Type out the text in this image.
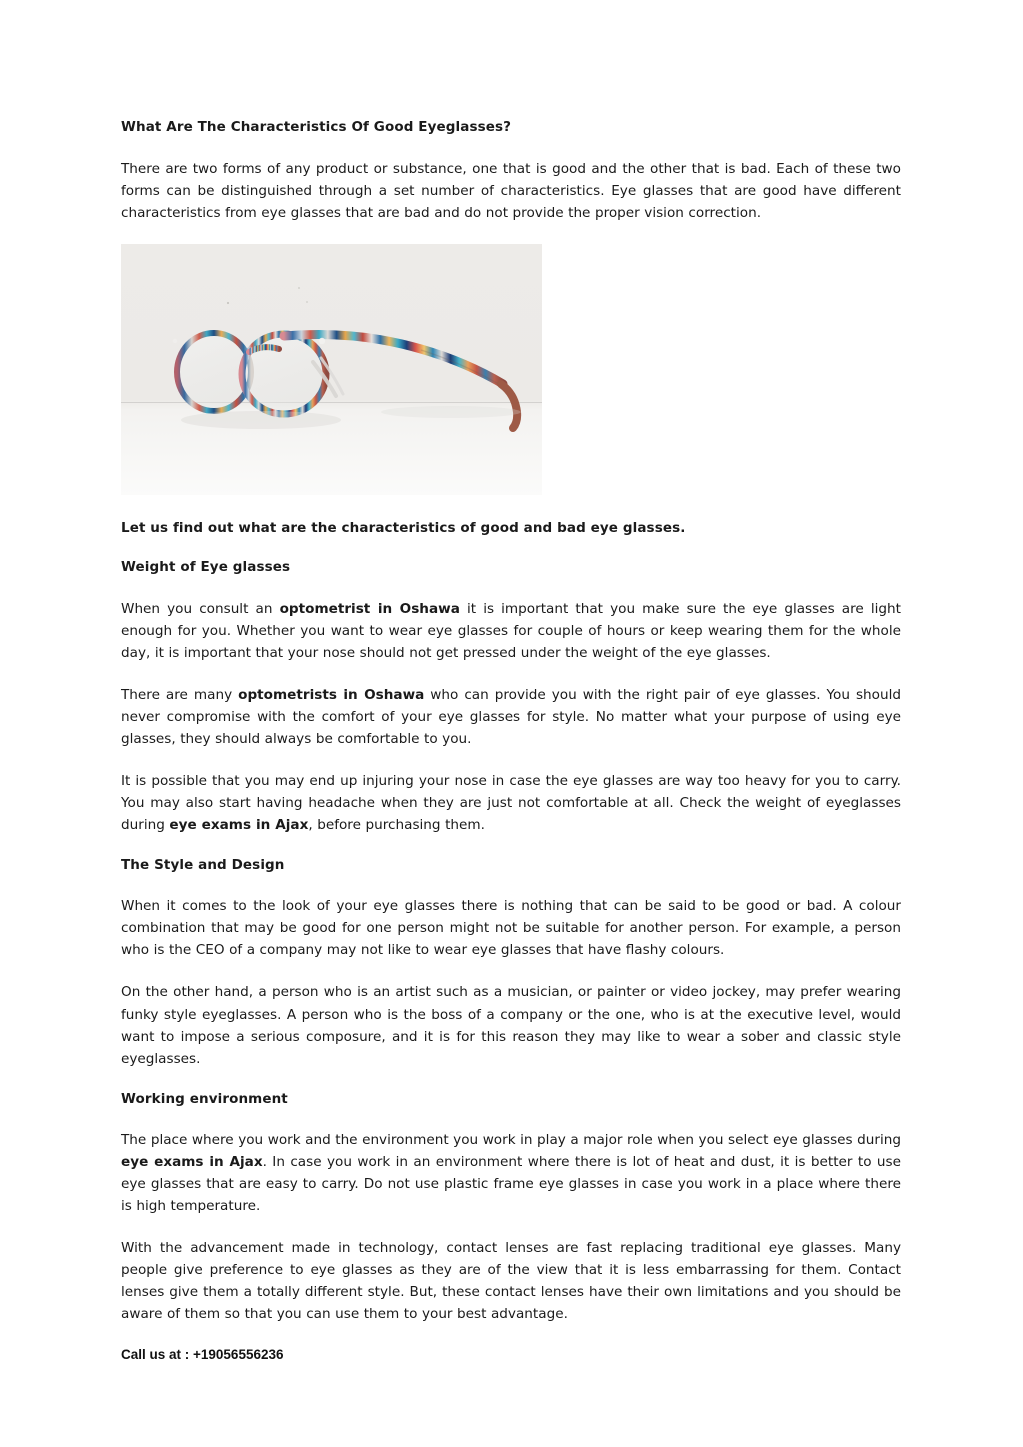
What Are The Characteristics Of Good Eyeglasses?

There are two forms of any product or substance, one that is good and the other that is bad. Each of these two forms can be distinguished through a set number of characteristics. Eye glasses that are good have different characteristics from eye glasses that are bad and do not provide the proper vision correction.

Let us find out what are the characteristics of good and bad eye glasses.
Weight of Eye glasses

When you consult an optometrist in Oshawa it is important that you make sure the eye glasses are light enough for you. Whether you want to wear eye glasses for couple of hours or keep wearing them for the whole day, it is important that your nose should not get pressed under the weight of the eye glasses.

There are many optometrists in Oshawa who can provide you with the right pair of eye glasses. You should never compromise with the comfort of your eye glasses for style. No matter what your purpose of using eye glasses, they should always be comfortable to you.

It is possible that you may end up injuring your nose in case the eye glasses are way too heavy for you to carry. You may also start having headache when they are just not comfortable at all. Check the weight of eyeglasses during eye exams in Ajax, before purchasing them.

The Style and Design

When it comes to the look of your eye glasses there is nothing that can be said to be good or bad. A colour combination that may be good for one person might not be suitable for another person. For example, a person who is the CEO of a company may not like to wear eye glasses that have flashy colours.

On the other hand, a person who is an artist such as a musician, or painter or video jockey, may prefer wearing funky style eyeglasses. A person who is the boss of a company or the one, who is at the executive level, would want to impose a serious composure, and it is for this reason they may like to wear a sober and classic style eyeglasses.

Working environment

The place where you work and the environment you work in play a major role when you select eye glasses during eye exams in Ajax. In case you work in an environment where there is lot of heat and dust, it is better to use eye glasses that are easy to carry. Do not use plastic frame eye glasses in case you work in a place where there is high temperature.

With the advancement made in technology, contact lenses are fast replacing traditional eye glasses. Many people give preference to eye glasses as they are of the view that it is less embarrassing for them. Contact lenses give them a totally different style. But, these contact lenses have their own limitations and you should be aware of them so that you can use them to your best advantage.

Call us at : +19056556236
